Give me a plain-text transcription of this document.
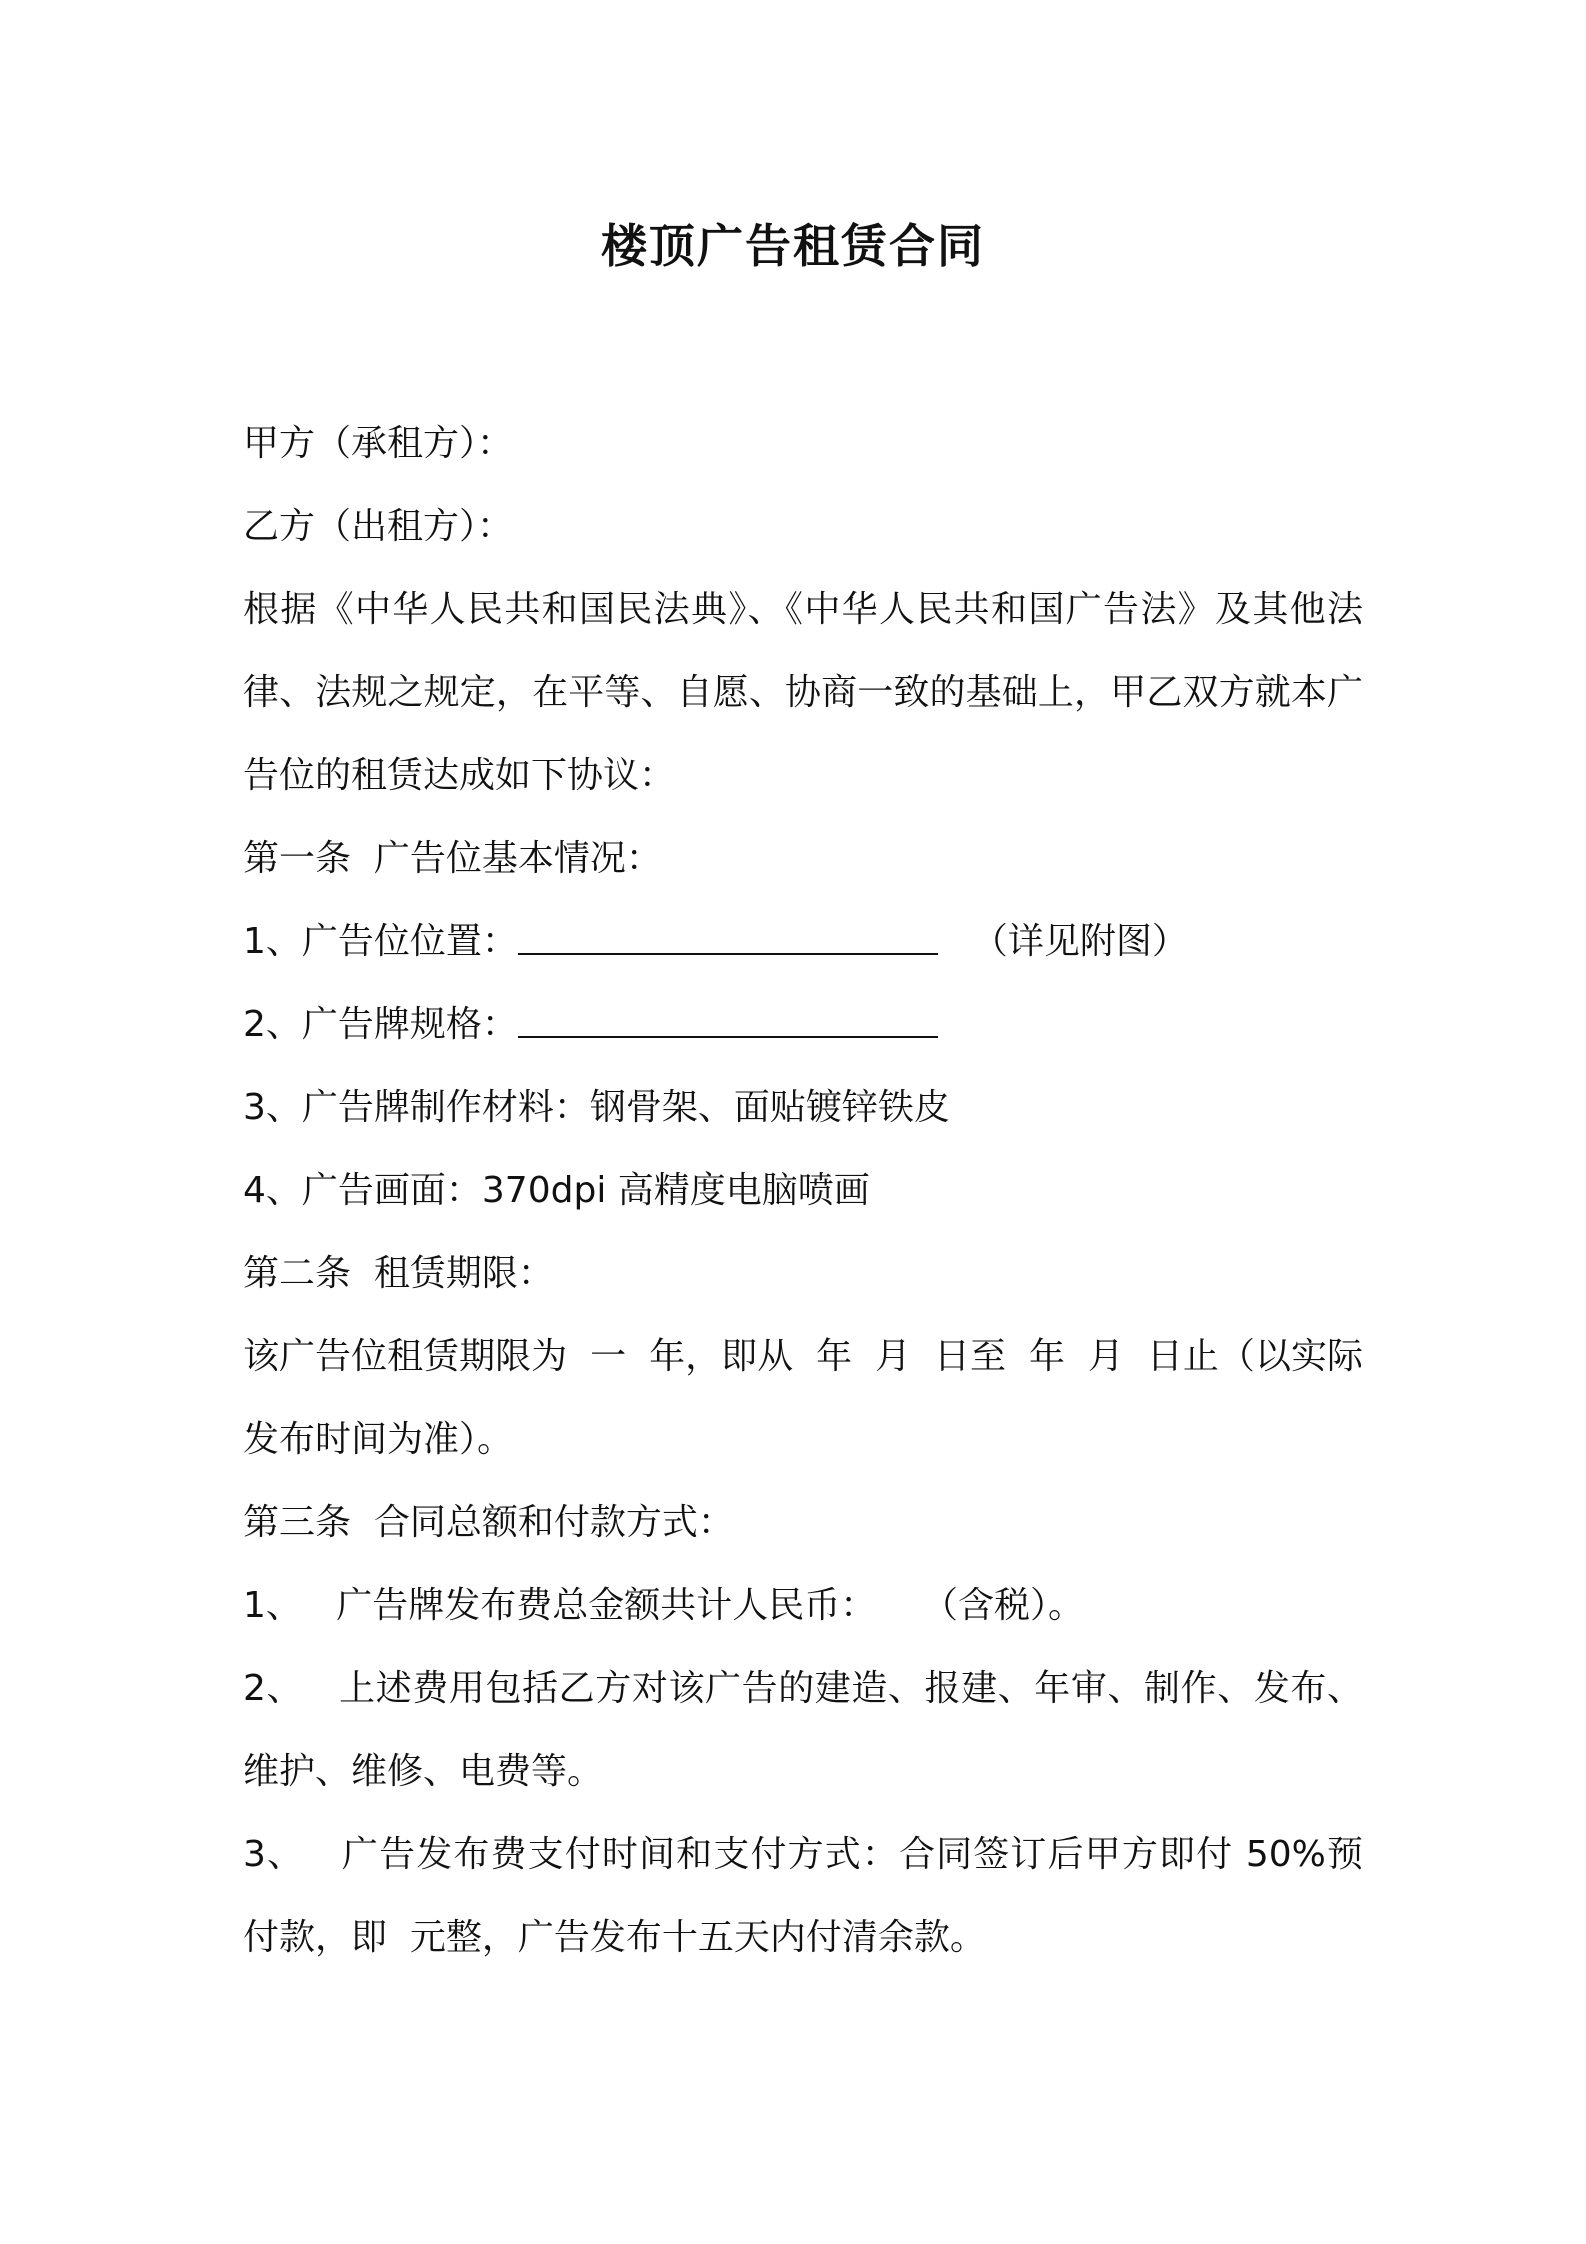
楼顶广告租赁合同

甲方（承租方）：

乙方（出租方）：

根据《中华人民共和国民法典》、《中华人民共和国广告法》及其他法律、法规之规定，在平等、自愿、协商一致的基础上，甲乙双方就本广告位的租赁达成如下协议：

第一条  广告位基本情况：

1、广告位位置：	（详见附图）

2、广告牌规格：

3、广告牌制作材料：钢骨架、面贴镀锌铁皮

4、广告画面：370dpi 高精度电脑喷画

第二条  租赁期限：

该广告位租赁期限为  一  年，即从  年  月  日至  年  月  日止（以实际发布时间为准）。

第三条  合同总额和付款方式：

1、   广告牌发布费总金额共计人民币：    （含税）。

2、   上述费用包括乙方对该广告的建造、报建、年审、制作、发布、维护、维修、电费等。

3、   广告发布费支付时间和支付方式：合同签订后甲方即付 50%预付款，即  元整，广告发布十五天内付清余款。
